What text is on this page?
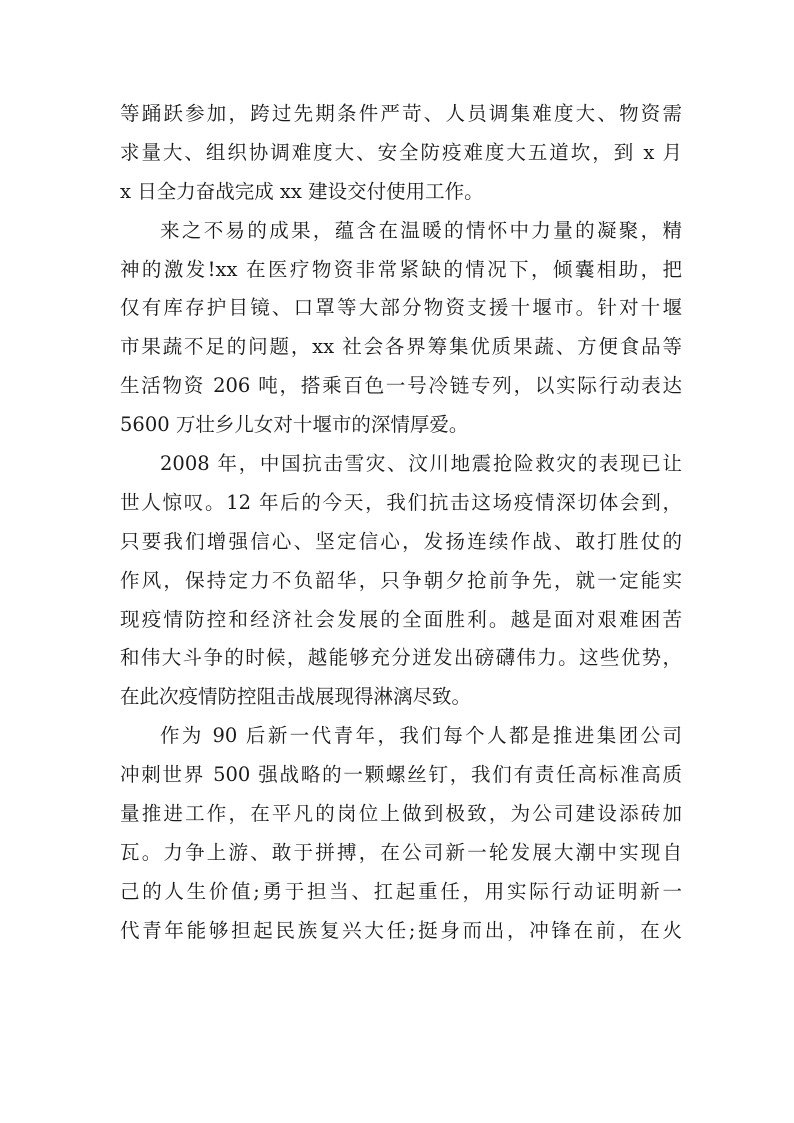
等踊跃参加，跨过先期条件严苛、人员调集难度大、物资需
求量大、组织协调难度大、安全防疫难度大五道坎，到 x 月
x 日全力奋战完成 xx 建设交付使用工作。
来之不易的成果，蕴含在温暖的情怀中力量的凝聚，精
神的激发!xx 在医疗物资非常紧缺的情况下，倾囊相助，把
仅有库存护目镜、口罩等大部分物资支援十堰市。针对十堰
市果蔬不足的问题，xx 社会各界筹集优质果蔬、方便食品等
生活物资 206 吨，搭乘百色一号冷链专列，以实际行动表达
5600 万壮乡儿女对十堰市的深情厚爱。
2008 年，中国抗击雪灾、汶川地震抢险救灾的表现已让
世人惊叹。12 年后的今天，我们抗击这场疫情深切体会到，
只要我们增强信心、坚定信心，发扬连续作战、敢打胜仗的
作风，保持定力不负韶华，只争朝夕抢前争先，就一定能实
现疫情防控和经济社会发展的全面胜利。越是面对艰难困苦
和伟大斗争的时候，越能够充分迸发出磅礴伟力。这些优势，
在此次疫情防控阻击战展现得淋漓尽致。
作为 90 后新一代青年，我们每个人都是推进集团公司
冲刺世界 500 强战略的一颗螺丝钉，我们有责任高标准高质
量推进工作，在平凡的岗位上做到极致，为公司建设添砖加
瓦。力争上游、敢于拼搏，在公司新一轮发展大潮中实现自
己的人生价值;勇于担当、扛起重任，用实际行动证明新一
代青年能够担起民族复兴大任;挺身而出，冲锋在前，在火
